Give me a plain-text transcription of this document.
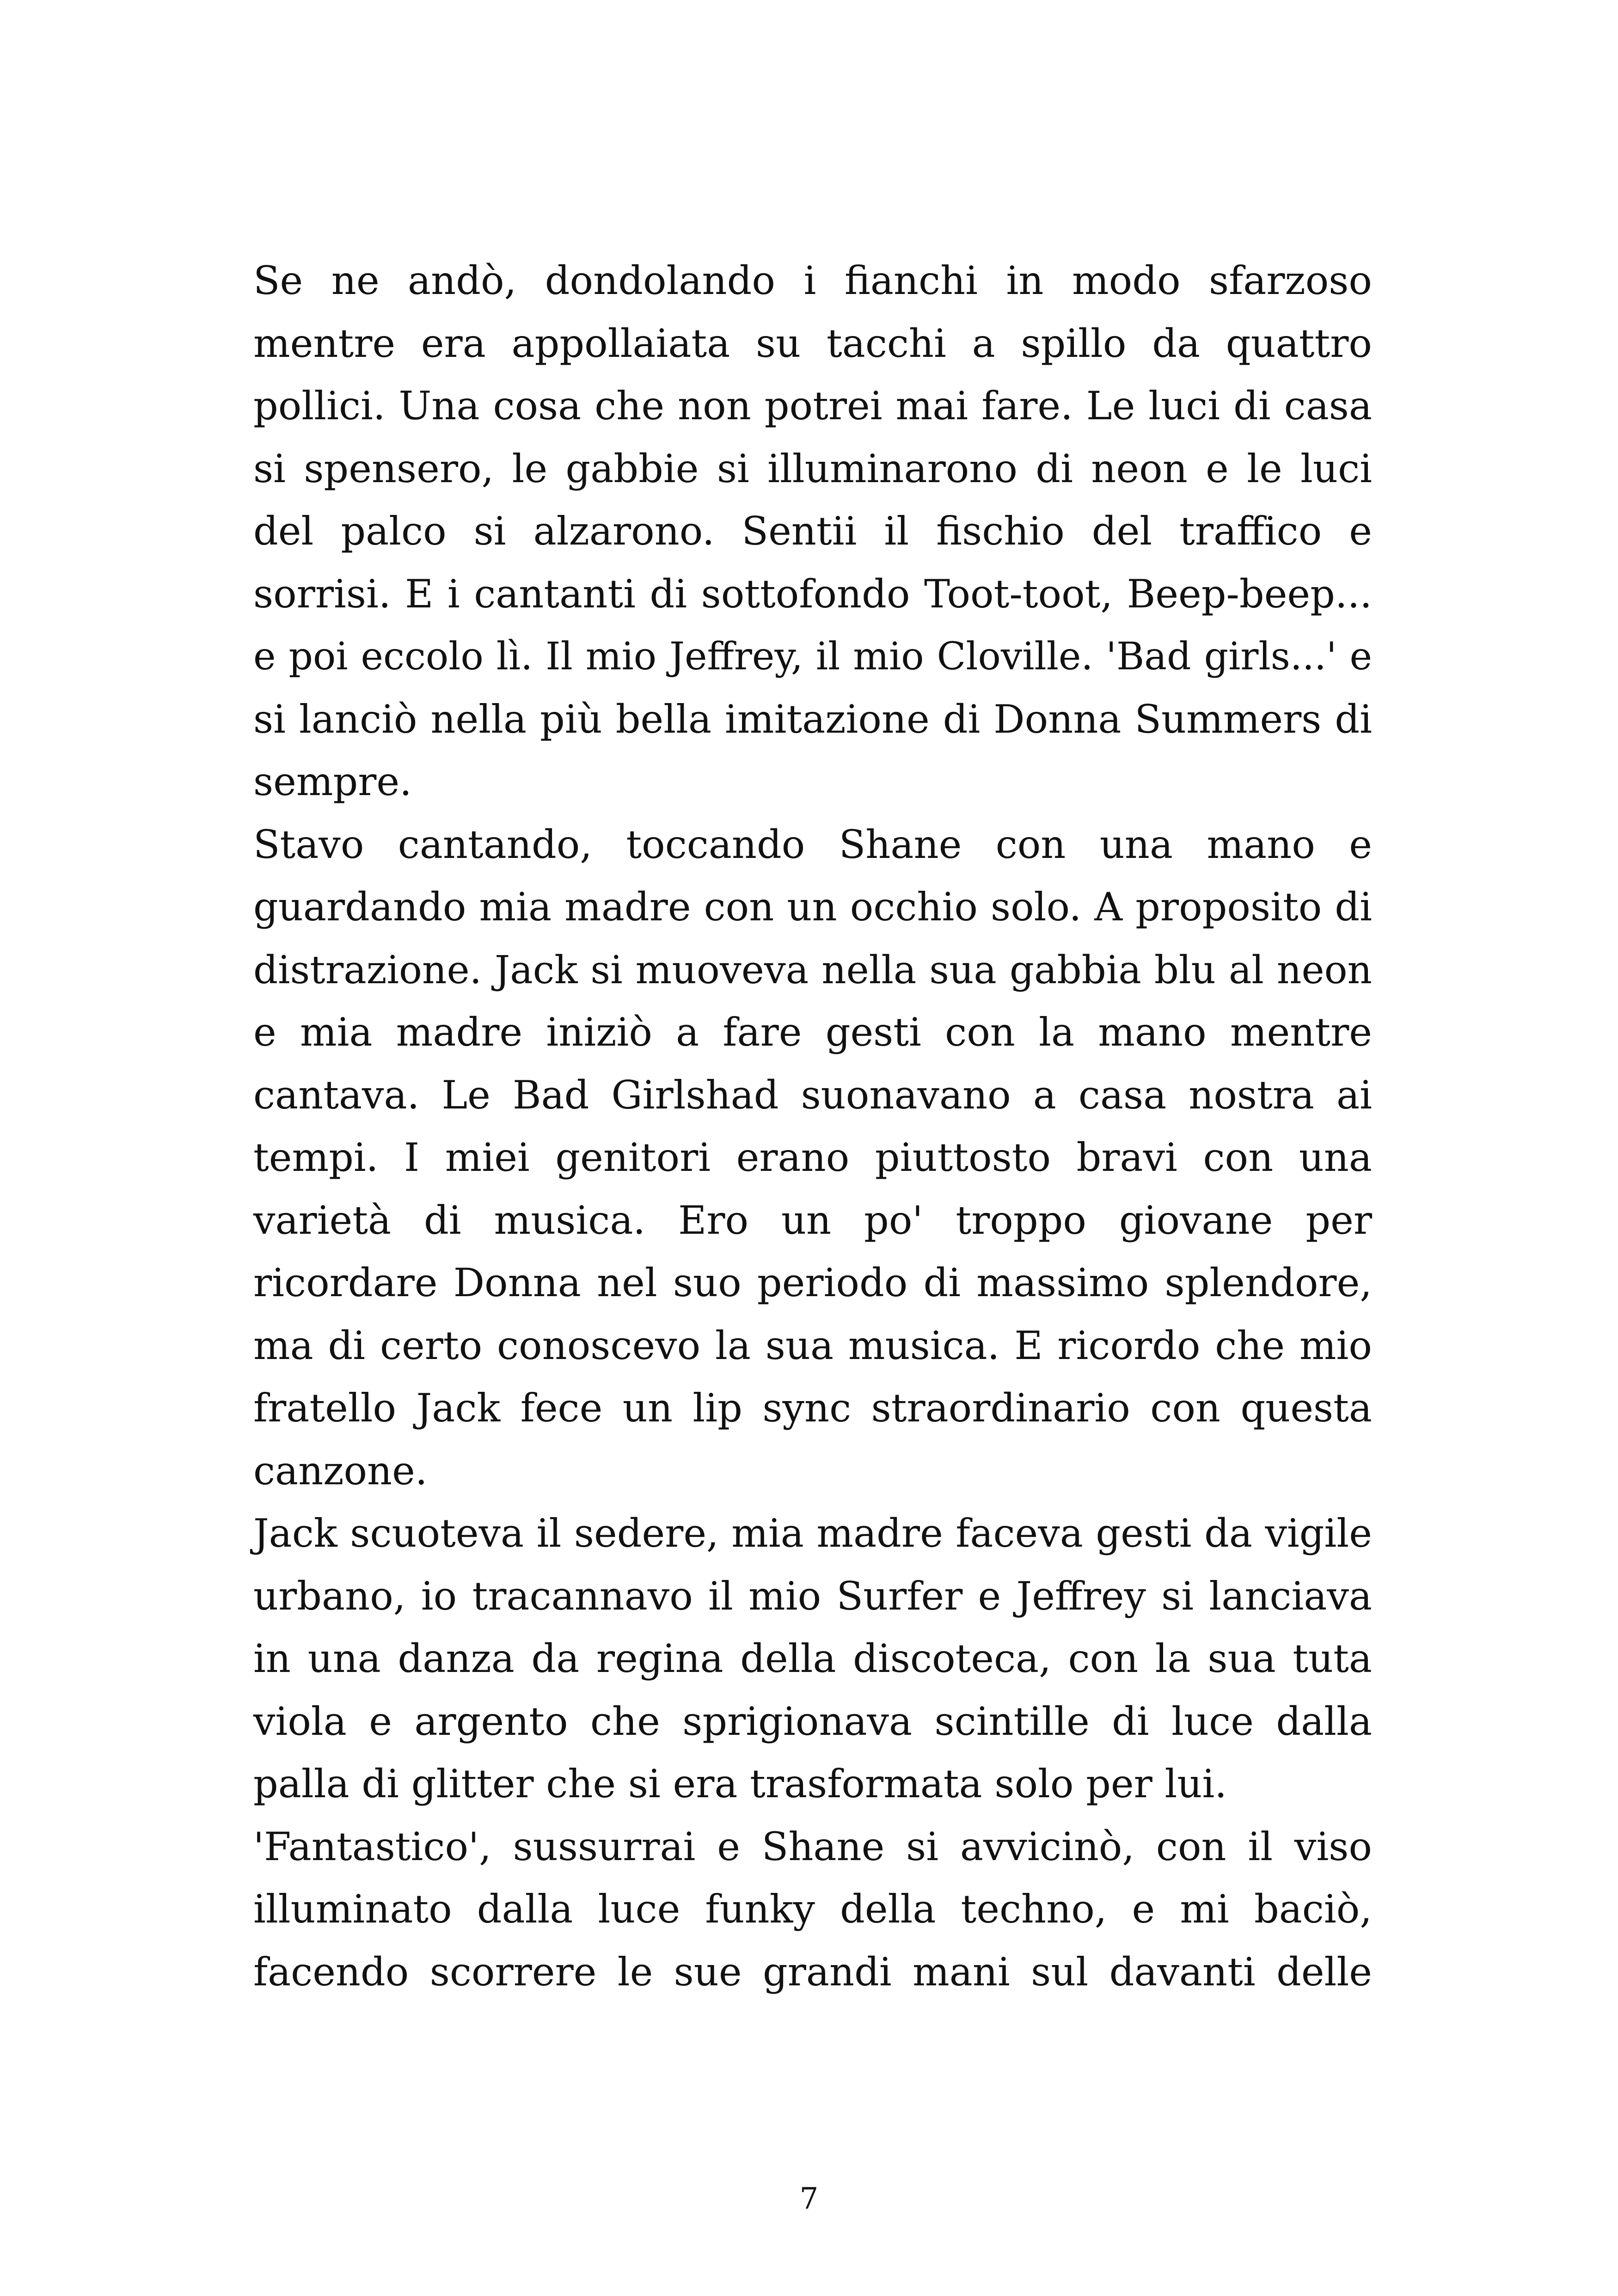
Se ne andò, dondolando i fianchi in modo sfarzoso
mentre era appollaiata su tacchi a spillo da quattro
pollici. Una cosa che non potrei mai fare. Le luci di casa
si spensero, le gabbie si illuminarono di neon e le luci
del palco si alzarono. Sentii il fischio del traffico e
sorrisi. E i cantanti di sottofondo Toot-toot, Beep-beep...
e poi eccolo lì. Il mio Jeffrey, il mio Cloville. 'Bad girls...' e
si lanciò nella più bella imitazione di Donna Summers di
sempre.

Stavo cantando, toccando Shane con una mano e
guardando mia madre con un occhio solo. A proposito di
distrazione. Jack si muoveva nella sua gabbia blu al neon
e mia madre iniziò a fare gesti con la mano mentre
cantava. Le Bad Girlshad suonavano a casa nostra ai
tempi. I miei genitori erano piuttosto bravi con una
varietà di musica. Ero un po' troppo giovane per
ricordare Donna nel suo periodo di massimo splendore,
ma di certo conoscevo la sua musica. E ricordo che mio
fratello Jack fece un lip sync straordinario con questa
canzone.

Jack scuoteva il sedere, mia madre faceva gesti da vigile
urbano, io tracannavo il mio Surfer e Jeffrey si lanciava
in una danza da regina della discoteca, con la sua tuta
viola e argento che sprigionava scintille di luce dalla
palla di glitter che si era trasformata solo per lui.

'Fantastico', sussurrai e Shane si avvicinò, con il viso
illuminato dalla luce funky della techno, e mi baciò,
facendo scorrere le sue grandi mani sul davanti delle

7
